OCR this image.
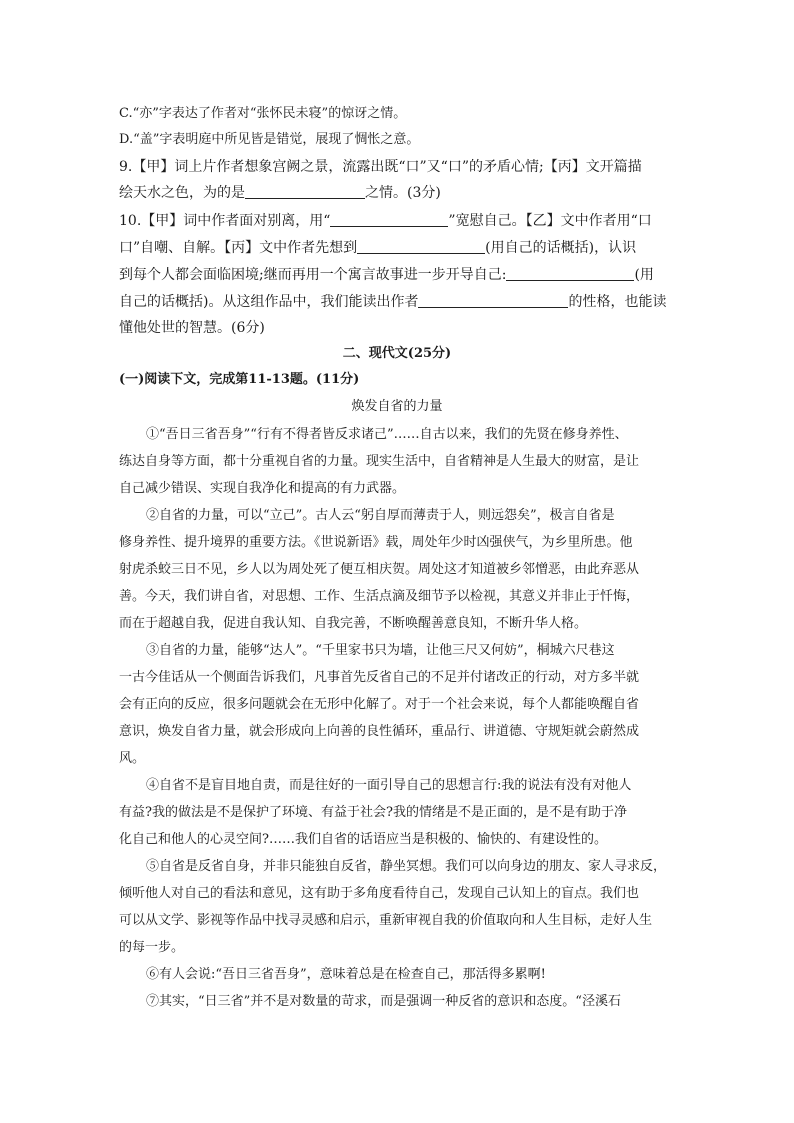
C.“亦”字表达了作者对“张怀民未寝”的惊讶之情。
D.“盖”字表明庭中所见皆是错觉，展现了惆怅之意。
9.【甲】词上片作者想象宫阙之景，流露出既“口”又“口”的矛盾心情;【丙】文开篇描
绘天水之色，为的是	之情。(3分)
10.【甲】词中作者面对别离，用“	”宽慰自己。【乙】文中作者用“口
口”自嘲、自解。【丙】文中作者先想到	(用自己的话概括)，认识
到每个人都会面临困境;继而再用一个寓言故事进一步开导自己:	(用
自己的话概括)。从这组作品中，我们能读出作者	的性格，也能读
懂他处世的智慧。(6分)
二、现代文(25分)
(一)阅读下文，完成第11-13题。(11分)
焕发自省的力量
①“吾日三省吾身”“行有不得者皆反求诸己”……自古以来，我们的先贤在修身养性、
练达自身等方面，都十分重视自省的力量。现实生活中，自省精神是人生最大的财富，是让
自己减少错误、实现自我净化和提高的有力武器。
②自省的力量，可以“立己”。古人云“躬自厚而薄责于人，则远怨矣”，极言自省是
修身养性、提升境界的重要方法。《世说新语》载，周处年少时凶强侠气，为乡里所患。他
射虎杀蛟三日不见，乡人以为周处死了便互相庆贺。周处这才知道被乡邻憎恶，由此弃恶从
善。今天，我们讲自省，对思想、工作、生活点滴及细节予以检视，其意义并非止于忏悔，
而在于超越自我，促进自我认知、自我完善，不断唤醒善意良知，不断升华人格。
③自省的力量，能够“达人”。“千里家书只为墙，让他三尺又何妨”，桐城六尺巷这
一古今佳话从一个侧面告诉我们，凡事首先反省自己的不足并付诸改正的行动，对方多半就
会有正向的反应，很多问题就会在无形中化解了。对于一个社会来说，每个人都能唤醒自省
意识，焕发自省力量，就会形成向上向善的良性循环，重品行、讲道德、守规矩就会蔚然成
风。
④自省不是盲目地自责，而是往好的一面引导自己的思想言行:我的说法有没有对他人
有益?我的做法是不是保护了环境、有益于社会?我的情绪是不是正面的，是不是有助于净
化自己和他人的心灵空间?……我们自省的话语应当是积极的、愉快的、有建设性的。
⑤自省是反省自身，并非只能独自反省，静坐冥想。我们可以向身边的朋友、家人寻求反，
倾听他人对自己的看法和意见，这有助于多角度看待自己，发现自己认知上的盲点。我们也
可以从文学、影视等作品中找寻灵感和启示，重新审视自我的价值取向和人生目标，走好人生
的每一步。
⑥有人会说:“吾日三省吾身”，意味着总是在检查自己，那活得多累啊!
⑦其实，“日三省”并不是对数量的苛求，而是强调一种反省的意识和态度。“泾溪石
